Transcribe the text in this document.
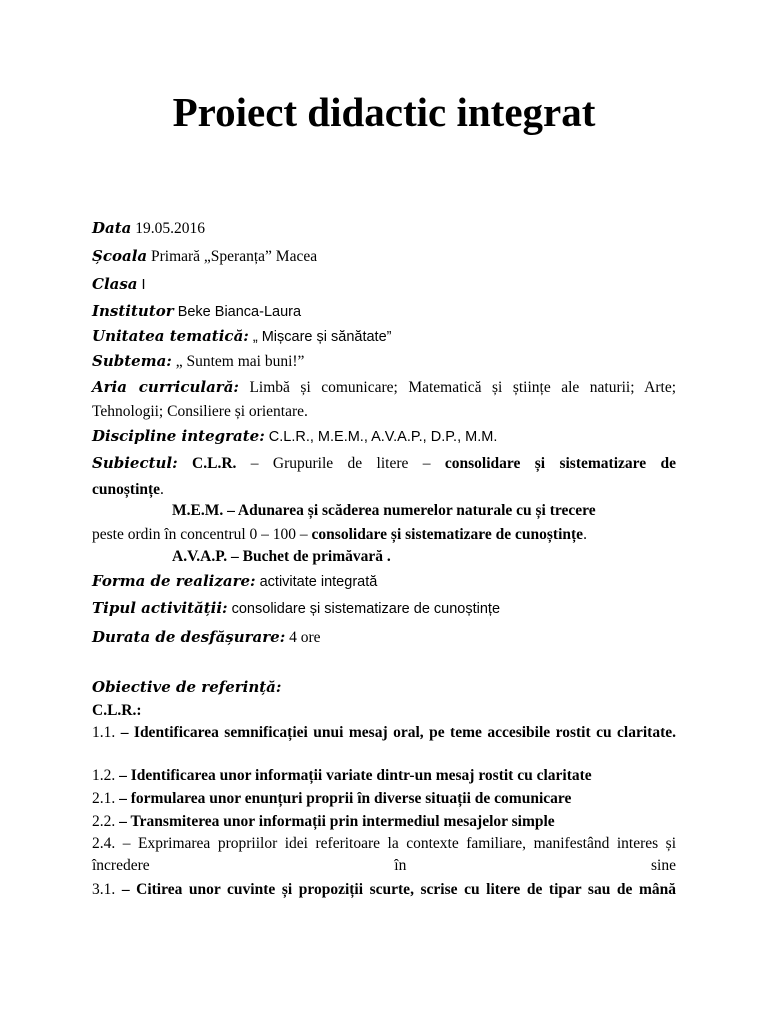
Proiect didactic integrat
Data 19.05.2016
Școala Primară „Speranța” Macea
Clasa I
Institutor Beke Bianca-Laura
Unitatea tematică: „ Mișcare și sănătate”
Subtema: „ Suntem mai buni!”
Aria curriculară: Limbă și comunicare; Matematică și științe ale naturii; Arte;
Tehnologii; Consiliere și orientare.
Discipline integrate: C.L.R., M.E.M., A.V.A.P., D.P., M.M.
Subiectul: C.L.R. – Grupurile de litere – consolidare și sistematizare de
cunoștințe.
M.E.M. – Adunarea și scăderea numerelor naturale cu și trecere
peste ordin în concentrul 0 – 100 – consolidare și sistematizare de cunoștințe.
A.V.A.P. – Buchet de primăvară .
Forma de realizare: activitate integrată
Tipul activității: consolidare și sistematizare de cunoștințe
Durata de desfășurare: 4 ore
Obiective de referință:
C.L.R.:
1.1. – Identificarea semnificației unui mesaj oral, pe teme accesibile rostit cu claritate.
1.2. – Identificarea unor informații variate dintr-un mesaj rostit cu claritate
2.1. – formularea unor enunțuri proprii în diverse situații de comunicare
2.2. – Transmiterea unor informații prin intermediul mesajelor simple
2.4. – Exprimarea propriilor idei referitoare la contexte familiare, manifestând interes și încredere în sine
3.1. – Citirea unor cuvinte și propoziții scurte, scrise cu litere de tipar sau de mână
